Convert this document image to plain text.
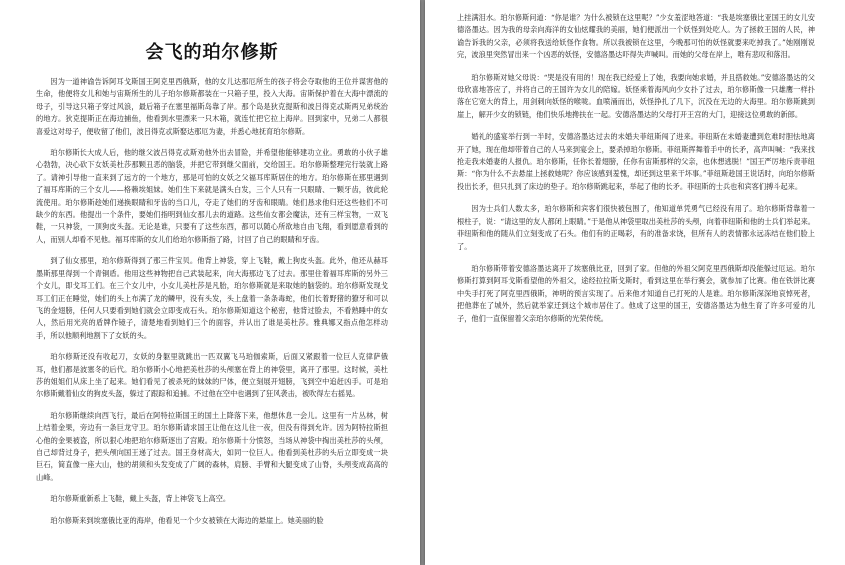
会飞的珀尔修斯

因为一道神谕告诉阿耳戈斯国王阿克里西俄斯，他的女儿达那厄所生的孩子将会夺取他的王位并谋害他的生命，他便将女儿和她与宙斯所生的儿子珀尔修斯都装在一只箱子里，投入大海。宙斯保护着在大海中漂流的母子，引导这只箱子穿过风浪，最后箱子在塞里福斯岛靠了岸。那个岛是狄克提斯和波吕得克忒斯两兄弟统治的地方。狄克提斯正在海边捕鱼，他看到水里漂来一只木箱，就连忙把它拉上海岸。回到家中，兄弟二人都很喜爱这对母子，便收留了他们，波吕得克忒斯娶达那厄为妻，并悉心地抚育珀尔修斯。

珀尔修斯长大成人后，他的继父波吕得克忒斯劝他外出去冒险，并希望他能够建功立业。勇敢的小伙子雄心勃勃，决心砍下女妖美杜莎那颗丑恶的脑袋，并把它带到继父面前，交给国王。珀尔修斯整理完行装就上路了。请神引导他一直来到了远方的一个地方，那是可怕的女妖之父福耳库斯居住的地方。珀尔修斯在那里遇到了福耳库斯的三个女儿——格赖埃姐妹。她们生下来就是满头白发，三个人只有一只眼睛、一颗牙齿，彼此轮流使用。珀尔修斯趁她们递换眼睛和牙齿的当口儿，夺走了她们的牙齿和眼睛。她们恳求他归还这些他们不可缺少的东西。他提出一个条件，要她们指明到仙女那儿去的道路。这些仙女都会魔法，还有三样宝物，一双飞鞋，一只神袋，一顶狗皮头盔。无论是谁，只要有了这些东西，都可以随心所欲地自由飞翔，看到愿意看到的人，而别人却看不见他。福耳库斯的女儿们给珀尔修斯指了路，讨回了自己的眼睛和牙齿。

到了仙女那里，珀尔修斯得到了那三件宝贝。他背上神袋，穿上飞鞋，戴上狗皮头盔。此外，他还从赫耳墨斯那里得到一个青铜盾。他用这些神物把自己武装起来，向大海那边飞了过去。那里住着福耳库斯的另外三个女儿，即戈耳工们。在三个女儿中，小女儿美杜莎是凡胎，珀尔修斯就是来取她的脑袋的。珀尔修斯发现戈耳工们正在睡觉，她们的头上布满了龙的鳞甲，没有头发，头上盘着一条条毒蛇，他们长着野猪的獠牙和可以飞的金翅膀，任何人只要看到她们就会立即变成石头。珀尔修斯知道这个秘密，他背过脸去，不看熟睡中的女人，然后用光亮的盾牌作镜子，清楚地看到她们三个的面容，并认出了谁是美杜莎。雅典娜又指点他怎样动手，所以他顺利地割下了女妖的头。

珀尔修斯还没有收起刀，女妖的身躯里就跳出一匹双翼飞马珀伽索斯，后面又紧跟着一位巨人克律萨俄耳，他们都是波塞冬的后代。珀尔修斯小心地把美杜莎的头颅塞在背上的神袋里，离开了那里。这时候，美杜莎的姐姐们从床上坐了起来。她们看见了被杀死的妹妹的尸体，便立刻展开翅膀，飞到空中追赶凶手。可是珀尔修斯戴着仙女的狗皮头盔，躲过了跟踪和追捕。不过他在空中也遇到了狂风袭击，被吹得左右摇晃。

珀尔修斯继续向西飞行，最后在阿特拉斯国王的国土上降落下来，他想休息一会儿。这里有一片丛林，树上结着金果，旁边有一条巨龙守卫。珀尔修斯请求国王让他在这儿住一夜，但没有得到允许。因为阿特拉斯担心他的金果被盗，所以狠心地把珀尔修斯逐出了宫殿。珀尔修斯十分愤怒，当场从神袋中掏出美杜莎的头颅，自己却背过身子，把头颅向国王递了过去。国王身材高大，如同一位巨人。他看到美杜莎的头后立即变成一块巨石，简直像一座大山，他的胡须和头发变成了广阔的森林，肩膀、手臂和大腿变成了山脊，头颅变成高高的山峰。

珀尔修斯重新系上飞鞋，戴上头盔，背上神袋飞上高空。

珀尔修斯来到埃塞俄比亚的海岸，他看见一个少女被锁在大海边的悬崖上。她美丽的脸

上挂满泪水。珀尔修斯问道：“你是谁？为什么被锁在这里呢？”少女羞涩地答道：“我是埃塞俄比亚国王的女儿安德洛墨达。因为我的母亲向海洋的女仙炫耀我的美丽，她们便派出一个妖怪到处吃人。为了拯救王国的人民，神谕告诉我的父亲，必须将我送给妖怪作食物。所以我被锁在这里，今晚那可怕的妖怪就要来吃掉我了。”她刚刚说完，波浪里突然冒出来一个凶恶的妖怪，安德洛墨达吓得失声喊叫。而她的父母在岸上，唯有悲叹和落泪。

珀尔修斯对她父母说：“哭是没有用的！现在我已经爱上了她，我要向她求婚，并且搭救她。”安德洛墨达的父母欣喜地答应了，并将自己的王国许为女儿的陪嫁。妖怪乘着海风向少女扑了过去，珀尔修斯像一只雄鹰一样扑落在它宽大的背上，用剑刺向妖怪的喉咙。血喷涌而出，妖怪挣扎了几下，沉没在无边的大海里。珀尔修斯跳到崖上，解开少女的锁链，他们快乐地搀扶在一起。安德洛墨达的父母打开王宫的大门，迎接这位勇敢的新郎。

婚礼的盛宴举行到一半时，安德洛墨达过去的未婚夫菲纽斯闯了进来。菲纽斯在未婚妻遭到危难时胆怯地离开了她，现在他却带着自己的人马来到宴会上，要杀掉珀尔修斯。菲纽斯挥舞着手中的长矛，高声叫喊：“我来找抢走我未婚妻的人报仇。珀尔修斯，任你长着翅膀，任你有宙斯那样的父亲，也休想逃脱！”国王严厉地斥责菲纽斯：“你为什么不去悬崖上拯救她呢？你应该感到羞愧，却还到这里来干坏事。”菲纽斯趁国王说话时，向珀尔修斯投出长矛，但只扎到了床边的垫子。珀尔修斯跳起来，举起了他的长矛。菲纽斯的士兵也和宾客们搏斗起来。

因为士兵们人数太多，珀尔修斯和宾客们很快被包围了，他知道单凭勇气已经没有用了。珀尔修斯背靠着一根柱子，说：“请这里的友人都闭上眼睛。”于是他从神袋里取出美杜莎的头颅，向着菲纽斯和他的士兵们举起来。菲纽斯和他的随从们立刻变成了石头。他们有的正喝彩，有的准备求饶，但所有人的表情都永远冻结在他们脸上了。

珀尔修斯带着安德洛墨达离开了埃塞俄比亚，回到了家。但他的外祖父阿克里西俄斯却没能躲过厄运。珀尔修斯打算到阿耳戈斯看望他的外祖父，途经拉拉斯戈斯时，看到这里在举行赛会，就参加了比赛。他在铁饼比赛中失手打死了阿克里西俄斯，神明的预言实现了。后来他才知道自己打死的人是谁。珀尔修斯深深地哀悼死者，把他葬在了城外，然后就举家迁到这个城市居住了。他成了这里的国王，安德洛墨达为他生育了许多可爱的儿子，他们一直保留着父亲珀尔修斯的光荣传统。
